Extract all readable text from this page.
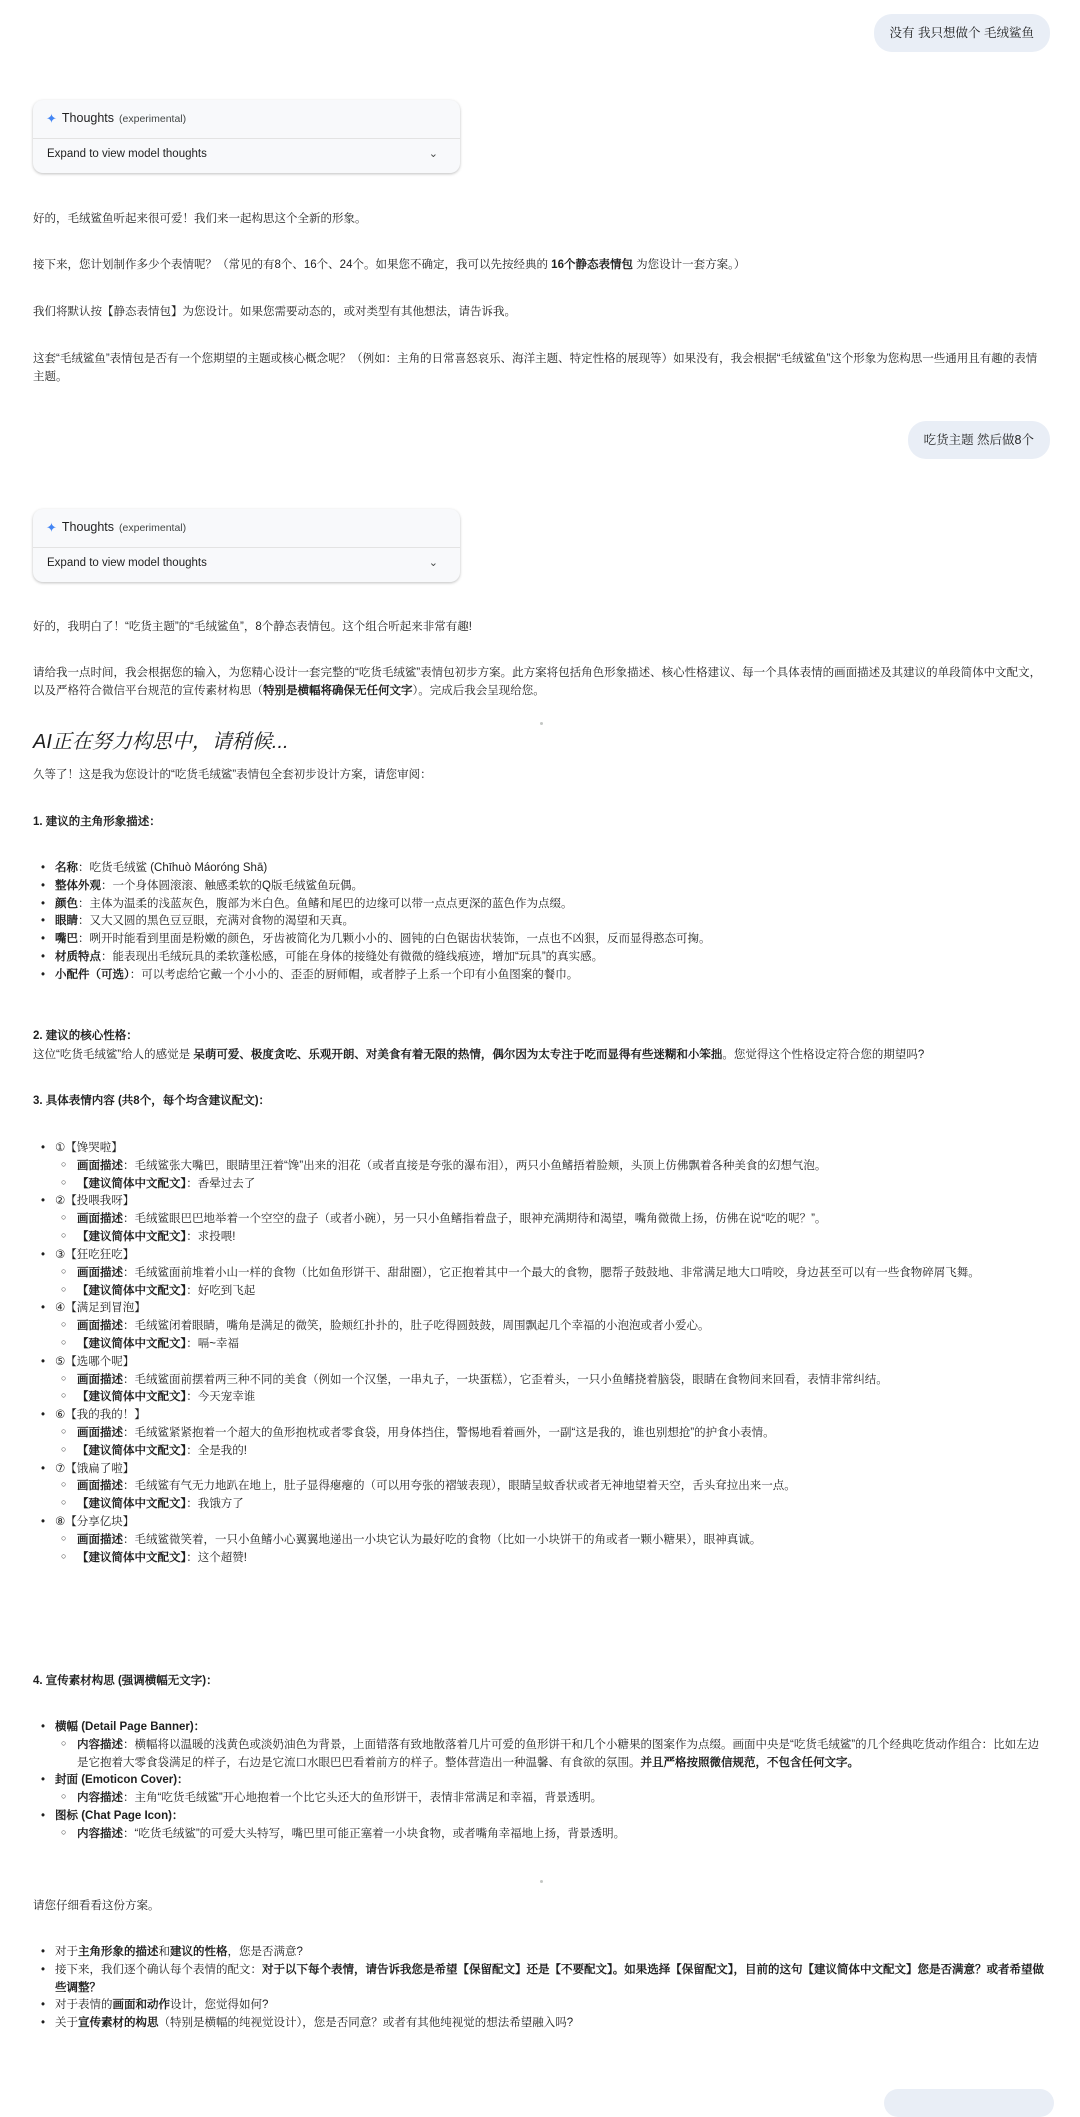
没有 我只想做个 毛绒鲨鱼
✦ Thoughts (experimental)
Expand to view model thoughts	⌄
好的，毛绒鲨鱼听起来很可爱！我们来一起构思这个全新的形象。
接下来，您计划制作多少个表情呢？（常见的有8个、16个、24个。如果您不确定，我可以先按经典的 16个静态表情包 为您设计一套方案。）
我们将默认按【静态表情包】为您设计。如果您需要动态的，或对类型有其他想法，请告诉我。
这套“毛绒鲨鱼”表情包是否有一个您期望的主题或核心概念呢？（例如：主角的日常喜怒哀乐、海洋主题、特定性格的展现等）如果没有，我会根据“毛绒鲨鱼”这个形象为您构思一些通用且有趣的表情主题。
吃货主题 然后做8个
✦ Thoughts (experimental)
Expand to view model thoughts	⌄
好的，我明白了！“吃货主题”的“毛绒鲨鱼”，8个静态表情包。这个组合听起来非常有趣!
请给我一点时间，我会根据您的输入，为您精心设计一套完整的“吃货毛绒鲨”表情包初步方案。此方案将包括角色形象描述、核心性格建议、每一个具体表情的画面描述及其建议的单段简体中文配文，以及严格符合微信平台规范的宣传素材构思（特别是横幅将确保无任何文字）。完成后我会呈现给您。
AI正在努力构思中，请稍候...
久等了！这是我为您设计的“吃货毛绒鲨”表情包全套初步设计方案，请您审阅：
1. 建议的主角形象描述：
• 名称：吃货毛绒鲨 (Chīhuò Máoróng Shā)
• 整体外观：一个身体圆滚滚、触感柔软的Q版毛绒鲨鱼玩偶。
• 颜色：主体为温柔的浅蓝灰色，腹部为米白色。鱼鳍和尾巴的边缘可以带一点点更深的蓝色作为点缀。
• 眼睛：又大又圆的黑色豆豆眼，充满对食物的渴望和天真。
• 嘴巴：咧开时能看到里面是粉嫩的颜色，牙齿被简化为几颗小小的、圆钝的白色锯齿状装饰，一点也不凶狠，反而显得憨态可掬。
• 材质特点：能表现出毛绒玩具的柔软蓬松感，可能在身体的接缝处有微微的缝线痕迹，增加“玩具”的真实感。
• 小配件（可选）：可以考虑给它戴一个小小的、歪歪的厨师帽，或者脖子上系一个印有小鱼图案的餐巾。
2. 建议的核心性格：
这位“吃货毛绒鲨”给人的感觉是 呆萌可爱、极度贪吃、乐观开朗、对美食有着无限的热情，偶尔因为太专注于吃而显得有些迷糊和小笨拙。您觉得这个性格设定符合您的期望吗?
3. 具体表情内容 (共8个，每个均含建议配文)：
• ①【馋哭啦】
○ 画面描述：毛绒鲨张大嘴巴，眼睛里汪着“馋”出来的泪花（或者直接是夸张的瀑布泪），两只小鱼鳍捂着脸颊，头顶上仿佛飘着各种美食的幻想气泡。
○ 【建议简体中文配文】：香晕过去了
• ②【投喂我呀】
○ 画面描述：毛绒鲨眼巴巴地举着一个空空的盘子（或者小碗），另一只小鱼鳍指着盘子，眼神充满期待和渴望，嘴角微微上扬，仿佛在说“吃的呢？”。
○ 【建议简体中文配文】：求投喂!
• ③【狂吃狂吃】
○ 画面描述：毛绒鲨面前堆着小山一样的食物（比如鱼形饼干、甜甜圈），它正抱着其中一个最大的食物，腮帮子鼓鼓地、非常满足地大口啃咬，身边甚至可以有一些食物碎屑飞舞。
○ 【建议简体中文配文】：好吃到飞起
• ④【满足到冒泡】
○ 画面描述：毛绒鲨闭着眼睛，嘴角是满足的微笑，脸颊红扑扑的，肚子吃得圆鼓鼓，周围飘起几个幸福的小泡泡或者小爱心。
○ 【建议简体中文配文】：嗝~幸福
• ⑤【选哪个呢】
○ 画面描述：毛绒鲨面前摆着两三种不同的美食（例如一个汉堡，一串丸子，一块蛋糕），它歪着头，一只小鱼鳍挠着脑袋，眼睛在食物间来回看，表情非常纠结。
○ 【建议简体中文配文】：今天宠幸谁
• ⑥【我的我的！】
○ 画面描述：毛绒鲨紧紧抱着一个超大的鱼形抱枕或者零食袋，用身体挡住，警惕地看着画外，一副“这是我的，谁也别想抢”的护食小表情。
○ 【建议简体中文配文】：全是我的!
• ⑦【饿扁了啦】
○ 画面描述：毛绒鲨有气无力地趴在地上，肚子显得瘪瘪的（可以用夸张的褶皱表现），眼睛呈蚊香状或者无神地望着天空，舌头耷拉出来一点。
○ 【建议简体中文配文】：我饿方了
• ⑧【分享亿块】
○ 画面描述：毛绒鲨微笑着，一只小鱼鳍小心翼翼地递出一小块它认为最好吃的食物（比如一小块饼干的角或者一颗小糖果），眼神真诚。
○ 【建议简体中文配文】：这个超赞!
4. 宣传素材构思 (强调横幅无文字)：
• 横幅 (Detail Page Banner)：
○ 内容描述：横幅将以温暖的浅黄色或淡奶油色为背景，上面错落有致地散落着几片可爱的鱼形饼干和几个小糖果的图案作为点缀。画面中央是“吃货毛绒鲨”的几个经典吃货动作组合：比如左边是它抱着大零食袋满足的样子，右边是它流口水眼巴巴看着前方的样子。整体营造出一种温馨、有食欲的氛围。并且严格按照微信规范，不包含任何文字。
• 封面 (Emoticon Cover)：
○ 内容描述：主角“吃货毛绒鲨”开心地抱着一个比它头还大的鱼形饼干，表情非常满足和幸福，背景透明。
• 图标 (Chat Page Icon)：
○ 内容描述：“吃货毛绒鲨”的可爱大头特写，嘴巴里可能正塞着一小块食物，或者嘴角幸福地上扬，背景透明。
请您仔细看看这份方案。
• 对于主角形象的描述和建议的性格，您是否满意?
• 接下来，我们逐个确认每个表情的配文：对于以下每个表情，请告诉我您是希望【保留配文】还是【不要配文】。如果选择【保留配文】，目前的这句【建议简体中文配文】您是否满意？或者希望做些调整？
• 对于表情的画面和动作设计，您觉得如何?
• 关于宣传素材的构思（特别是横幅的纯视觉设计），您是否同意？或者有其他纯视觉的想法希望融入吗?
